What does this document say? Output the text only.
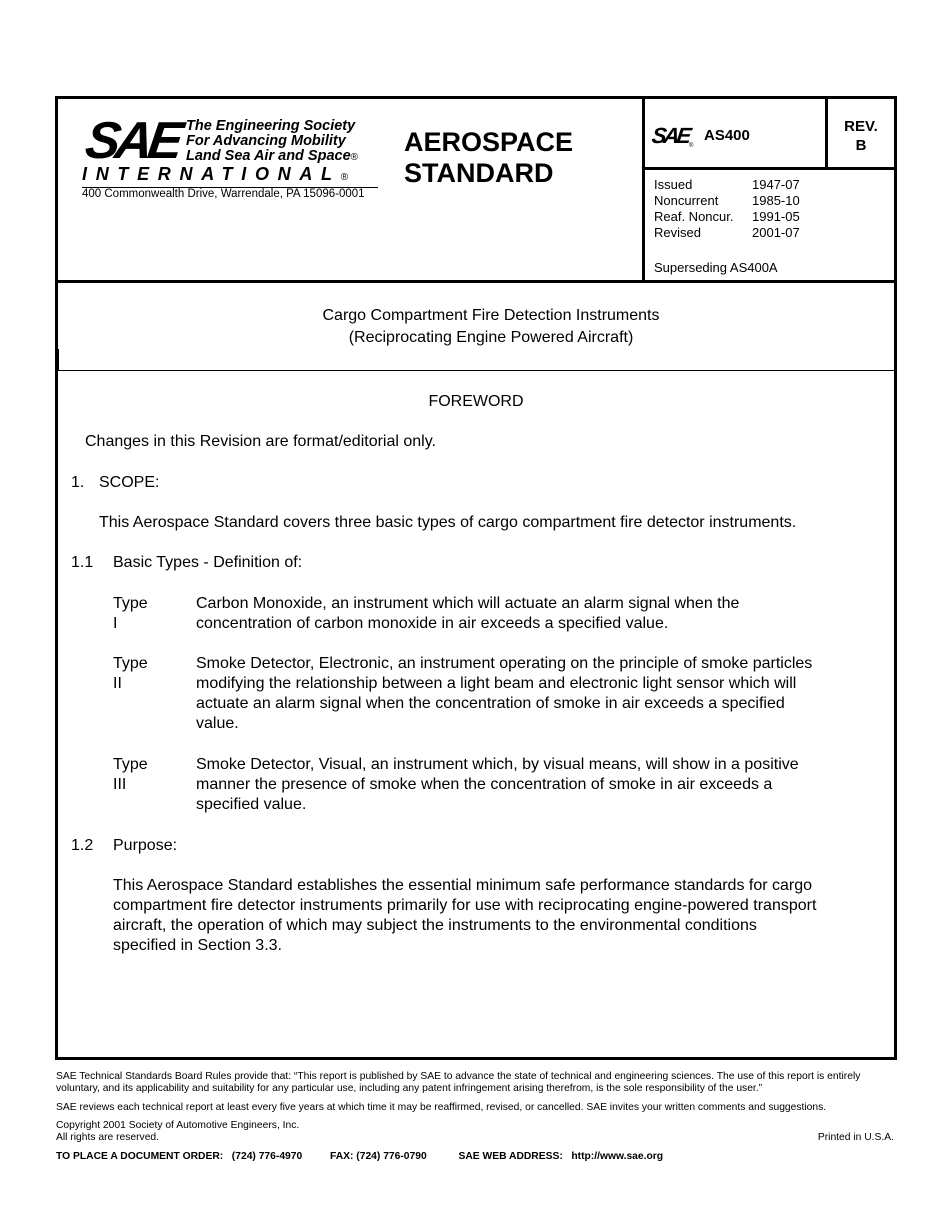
SAE The Engineering Society
For Advancing Mobility
Land Sea Air and Space®
INTERNATIONAL®
400 Commonwealth Drive, Warrendale, PA 15096-0001
AEROSPACE
STANDARD
SAE
®
AS400
REV.
B
Issued	1947-07
Noncurrent	1985-10
Reaf. Noncur.	1991-05
Revised	2001-07
Superseding AS400A
Cargo Compartment Fire Detection Instruments
(Reciprocating Engine Powered Aircraft)
FOREWORD
Changes in this Revision are format/editorial only.
1. SCOPE:
This Aerospace Standard covers three basic types of cargo compartment fire detector instruments.
1.1 Basic Types - Definition of:
Type I
Carbon Monoxide, an instrument which will actuate an alarm signal when the
concentration of carbon monoxide in air exceeds a specified value.
Type II
Smoke Detector, Electronic, an instrument operating on the principle of smoke particles
modifying the relationship between a light beam and electronic light sensor which will
actuate an alarm signal when the concentration of smoke in air exceeds a specified
value.
Type III
Smoke Detector, Visual, an instrument which, by visual means, will show in a positive
manner the presence of smoke when the concentration of smoke in air exceeds a
specified value.
1.2 Purpose:
This Aerospace Standard establishes the essential minimum safe performance standards for cargo
compartment fire detector instruments primarily for use with reciprocating engine-powered transport
aircraft, the operation of which may subject the instruments to the environmental conditions
specified in Section 3.3.
SAE Technical Standards Board Rules provide that: “This report is published by SAE to advance the state of technical and engineering sciences. The use of this report is entirely
voluntary, and its applicability and suitability for any particular use, including any patent infringement arising therefrom, is the sole responsibility of the user.”
SAE reviews each technical report at least every five years at which time it may be reaffirmed, revised, or cancelled. SAE invites your written comments and suggestions.
Copyright 2001 Society of Automotive Engineers, Inc.
All rights are reserved.	Printed in U.S.A.
TO PLACE A DOCUMENT ORDER:   (724) 776-4970	FAX: (724) 776-0790	SAE WEB ADDRESS:   http://www.sae.org
